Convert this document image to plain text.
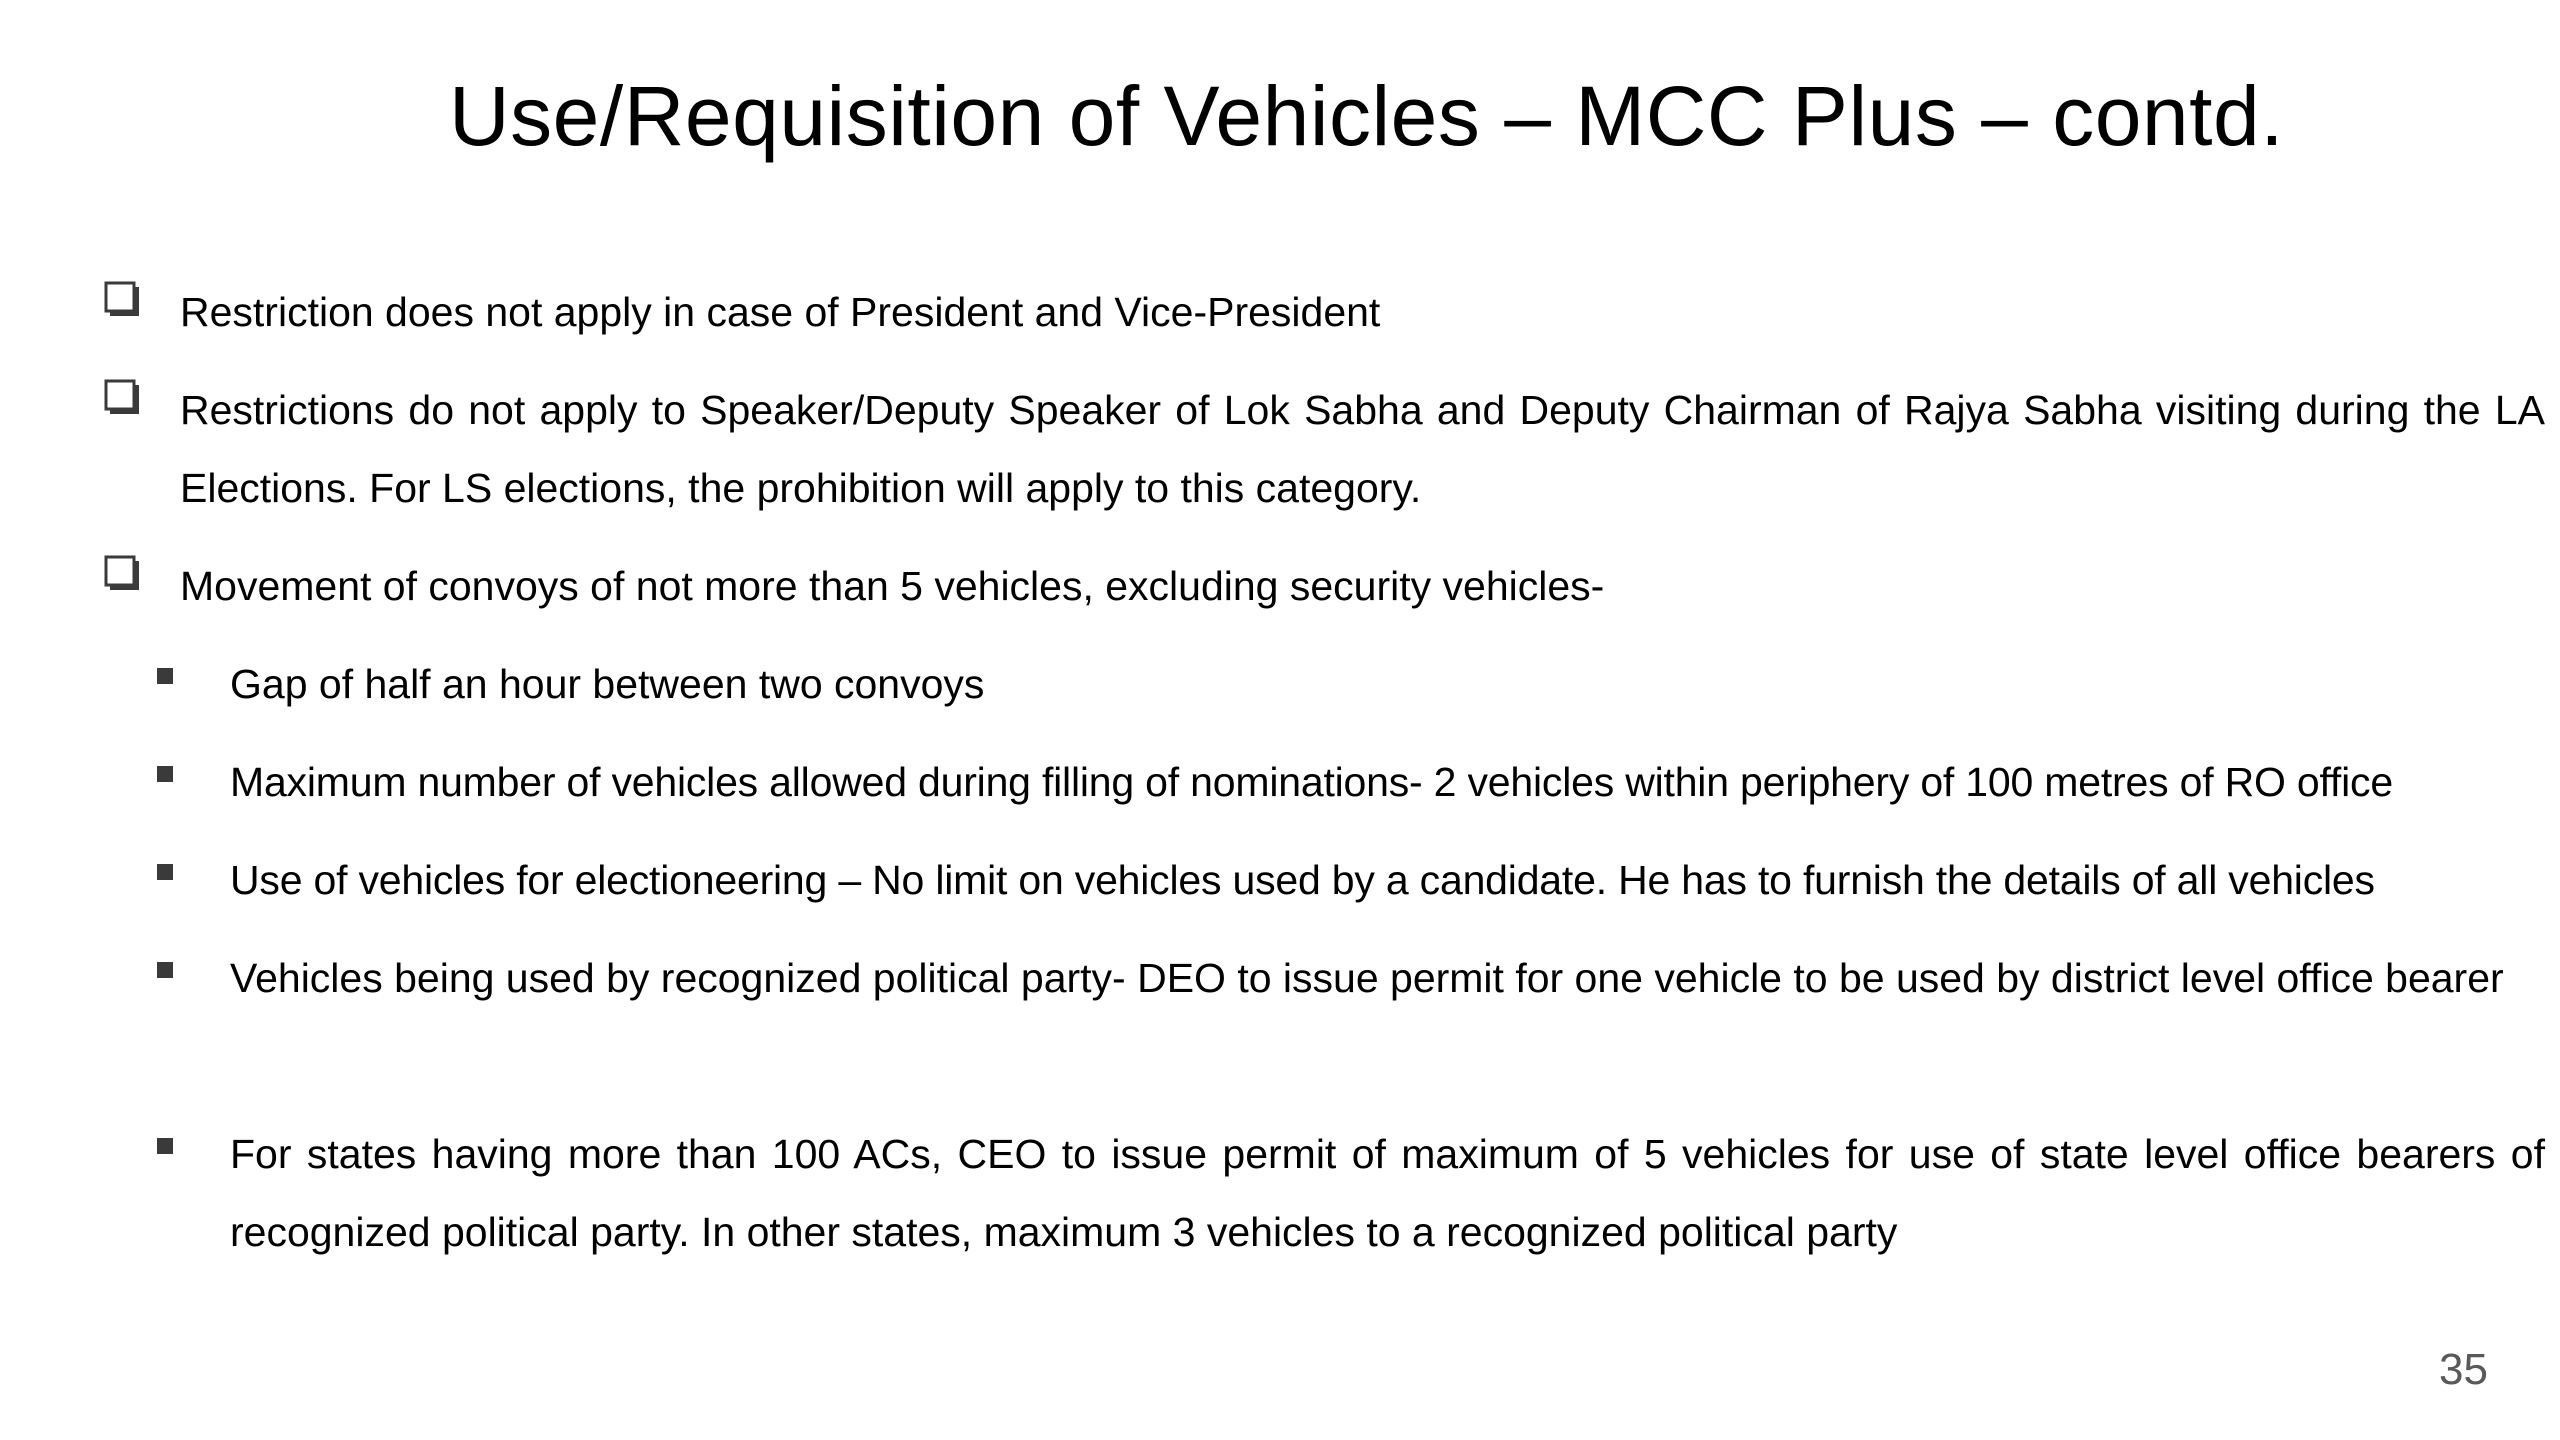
Use/Requisition of Vehicles – MCC Plus – contd.

Restriction does not apply in case of President and Vice-President

Restrictions do not apply to Speaker/Deputy Speaker of Lok Sabha and Deputy Chairman of Rajya Sabha visiting during the LA Elections. For LS elections, the prohibition will apply to this category.

Movement of convoys of not more than 5 vehicles, excluding security vehicles-

Gap of half an hour between two convoys

Maximum number of vehicles allowed during filling of nominations- 2 vehicles within periphery of 100 metres of RO office

Use of vehicles for electioneering – No limit on vehicles used by a candidate. He has to furnish the details of all vehicles

Vehicles being used by recognized political party- DEO to issue permit for one vehicle to be used by district level office bearer

For states having more than 100 ACs, CEO to issue permit of maximum of 5 vehicles for use of state level office bearers of recognized political party. In other states, maximum 3 vehicles to a recognized political party

35
